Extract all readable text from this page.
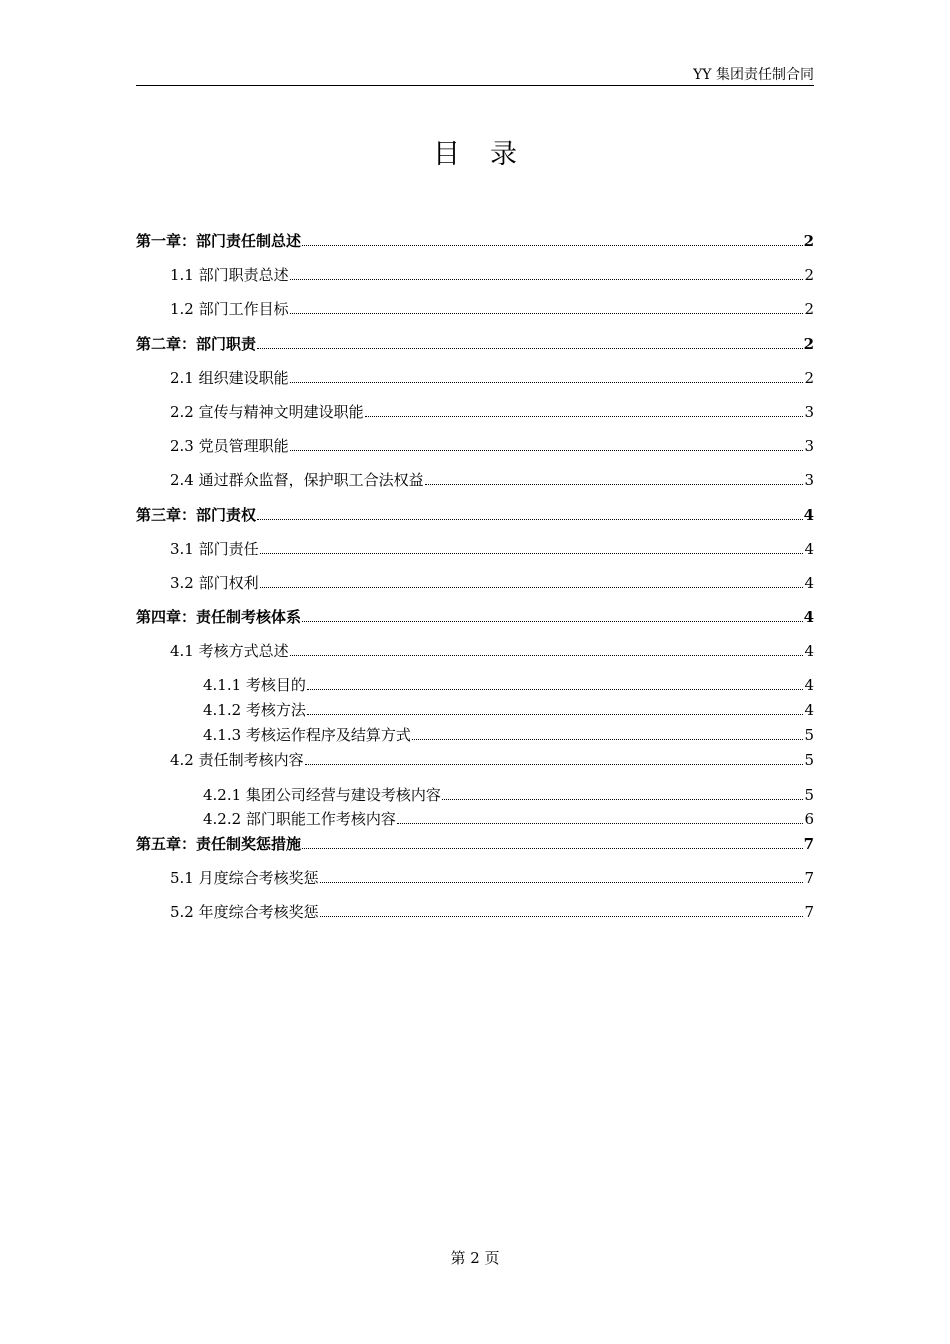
YY 集团责任制合同
目录
第一章：部门责任制总述	2
1.1 部门职责总述	2
1.2 部门工作目标	2
第二章：部门职责	2
2.1 组织建设职能	2
2.2 宣传与精神文明建设职能	3
2.3 党员管理职能	3
2.4 通过群众监督，保护职工合法权益	3
第三章：部门责权	4
3.1 部门责任	4
3.2 部门权利	4
第四章：责任制考核体系	4
4.1 考核方式总述	4
4.1.1 考核目的	4
4.1.2 考核方法	4
4.1.3 考核运作程序及结算方式	5
4.2 责任制考核内容	5
4.2.1 集团公司经营与建设考核内容	5
4.2.2 部门职能工作考核内容	6
第五章：责任制奖惩措施	7
5.1 月度综合考核奖惩	7
5.2 年度综合考核奖惩	7
第 2 页
